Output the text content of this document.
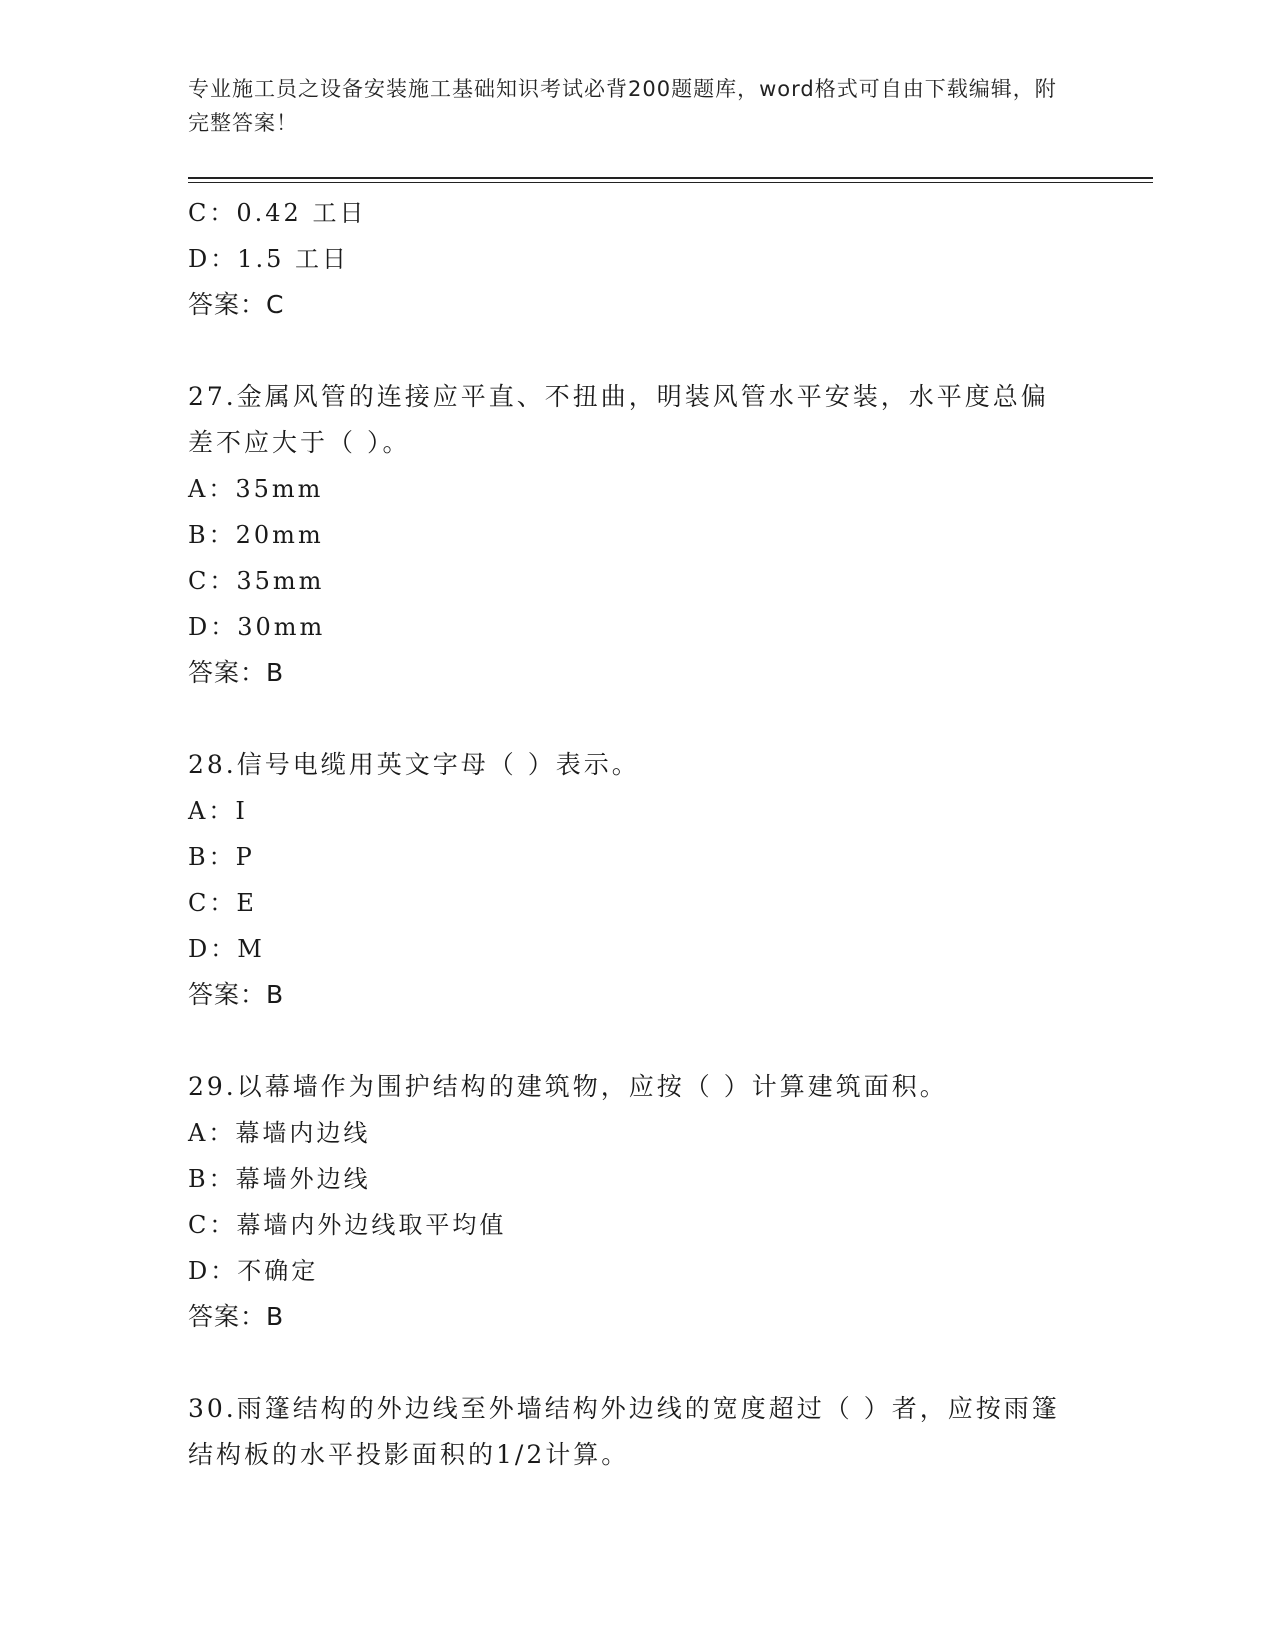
专业施工员之设备安装施工基础知识考试必背200题题库，word格式可自由下载编辑，附完整答案！
C：0.42 工日
D：1.5 工日
答案：C
27.金属风管的连接应平直、不扭曲，明装风管水平安装，水平度总偏差不应大于（ ）。
A：35mm
B：20mm
C：35mm
D：30mm
答案：B
28.信号电缆用英文字母（ ）表示。
A：I
B：P
C：E
D：M
答案：B
29.以幕墙作为围护结构的建筑物，应按（ ）计算建筑面积。
A：幕墙内边线
B：幕墙外边线
C：幕墙内外边线取平均值
D：不确定
答案：B
30.雨篷结构的外边线至外墙结构外边线的宽度超过（ ）者，应按雨篷结构板的水平投影面积的1/2计算。
